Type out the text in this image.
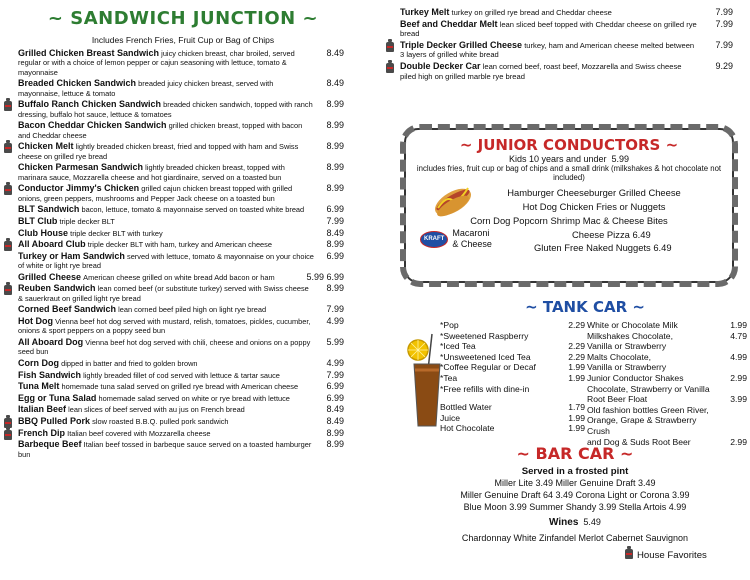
~ SANDWICH JUNCTION ~
Includes French Fries, Fruit Cup or Bag of Chips
Grilled Chicken Breast Sandwich juicy chicken breast, char broiled, served regular or with a choice of lemon pepper or cajun seasoning with lettuce, tomato & mayonnaise
8.49
Breaded Chicken Sandwich breaded juicy chicken breast, served with mayonnaise, lettuce & tomato
8.49
Buffalo Ranch Chicken Sandwich breaded chicken sandwich, topped with ranch dressing, buffalo hot sauce, lettuce & tomatoes
8.99
Bacon Cheddar Chicken Sandwich grilled chicken breast, topped with bacon and Cheddar cheese
8.99
Chicken Melt lightly breaded chicken breast, fried and topped with ham and Swiss cheese on grilled rye bread
8.99
Chicken Parmesan Sandwich lightly breaded chicken breast, topped with marinara sauce, Mozzarella cheese and hot giardinaire, served on a toasted bun
8.99
Conductor Jimmy's Chicken grilled cajun chicken breast topped with grilled onions, green peppers, mushrooms and Pepper Jack cheese on a toasted bun
8.99
BLT Sandwich bacon, lettuce, tomato & mayonnaise served on toasted white bread 6.99
BLT Club triple decker BLT	7.99
Club House triple decker BLT with turkey	8.49
All Aboard Club triple decker BLT with ham, turkey and American cheese	8.99
Turkey or Ham Sandwich served with lettuce, tomato & mayonnaise on your choice of white or light rye bread
6.99
Grilled Cheese American cheese grilled on white bread Add bacon or ham	5.99 6.99
Reuben Sandwich lean corned beef (or substitute turkey) served with Swiss cheese & sauerkraut on grilled light rye bread
8.99
Corned Beef Sandwich lean corned beef piled high on light rye bread	7.99
Hot Dog Vienna beef hot dog served with mustard, relish, tomatoes, pickles, cucumber, onions & sport peppers on a poppy seed bun
4.99
All Aboard Dog Vienna beef hot dog served with chili, cheese and onions on a poppy seed bun
5.99
Corn Dog dipped in batter and fried to golden brown	4.99
Fish Sandwich lightly breaded fillet of cod served with lettuce & tartar sauce	7.99
Tuna Melt homemade tuna salad served on grilled rye bread with American cheese	6.99
Egg or Tuna Salad homemade salad served on white or rye bread with lettuce	6.99
Italian Beef lean slices of beef served with au jus on French bread	8.49
BBQ Pulled Pork slow roasted B.B.Q. pulled pork sandwich	8.49
French Dip Italian beef covered with Mozzarella cheese	8.99
Barbeque Beef Italian beef tossed in barbeque sauce served on a toasted hamburger bun
8.99
Turkey Melt turkey on grilled rye bread and Cheddar cheese	7.99
Beef and Cheddar Melt lean sliced beef topped with Cheddar cheese on grilled rye bread
7.99
Triple Decker Grilled Cheese turkey, ham and American cheese melted between 3 layers of grilled white bread
7.99
Double Decker Car lean corned beef, roast beef, Mozzarella and Swiss cheese piled high on grilled marble rye bread
9.29
~ JUNIOR CONDUCTORS ~
Kids 10 years and under 5.99
includes fries, fruit cup or bag of chips and a small drink (milkshakes & hot chocolate not included)
Hamburger Cheeseburger Grilled Cheese
Hot Dog Chicken Fries or Nuggets
Corn Dog Popcorn Shrimp Mac & Cheese Bites
KRAFTMacaroni
& Cheese
Cheese Pizza 6.49
Gluten Free Naked Nuggets 6.49
~ TANK CAR ~
*Pop	2.29
*Sweetened Raspberry
*Iced Tea	2.29
*Unsweetened Iced Tea	2.29
*Coffee Regular or Decaf	1.99
*Tea	1.99
*Free refills with dine-in
Bottled Water	1.79
Juice	1.99
Hot Chocolate	1.99
White or Chocolate Milk	1.99
Milkshakes Chocolate,	4.79
Vanilla or Strawberry
Malts Chocolate,	4.99
Vanilla or Strawberry
Junior Conductor Shakes	2.99
Chocolate, Strawberry or Vanilla
Root Beer Float	3.99
Old fashion bottles Green River,
Orange, Grape & Strawberry Crush
and Dog & Suds Root Beer	2.99
~ BAR CAR ~
Served in a frosted pint
Miller Lite 3.49 Miller Genuine Draft 3.49
Miller Genuine Draft 64 3.49 Corona Light or Corona 3.99
Blue Moon 3.99 Summer Shandy 3.99 Stella Artois 4.99
Wines 5.49
Chardonnay White Zinfandel Merlot Cabernet Sauvignon
House Favorites
